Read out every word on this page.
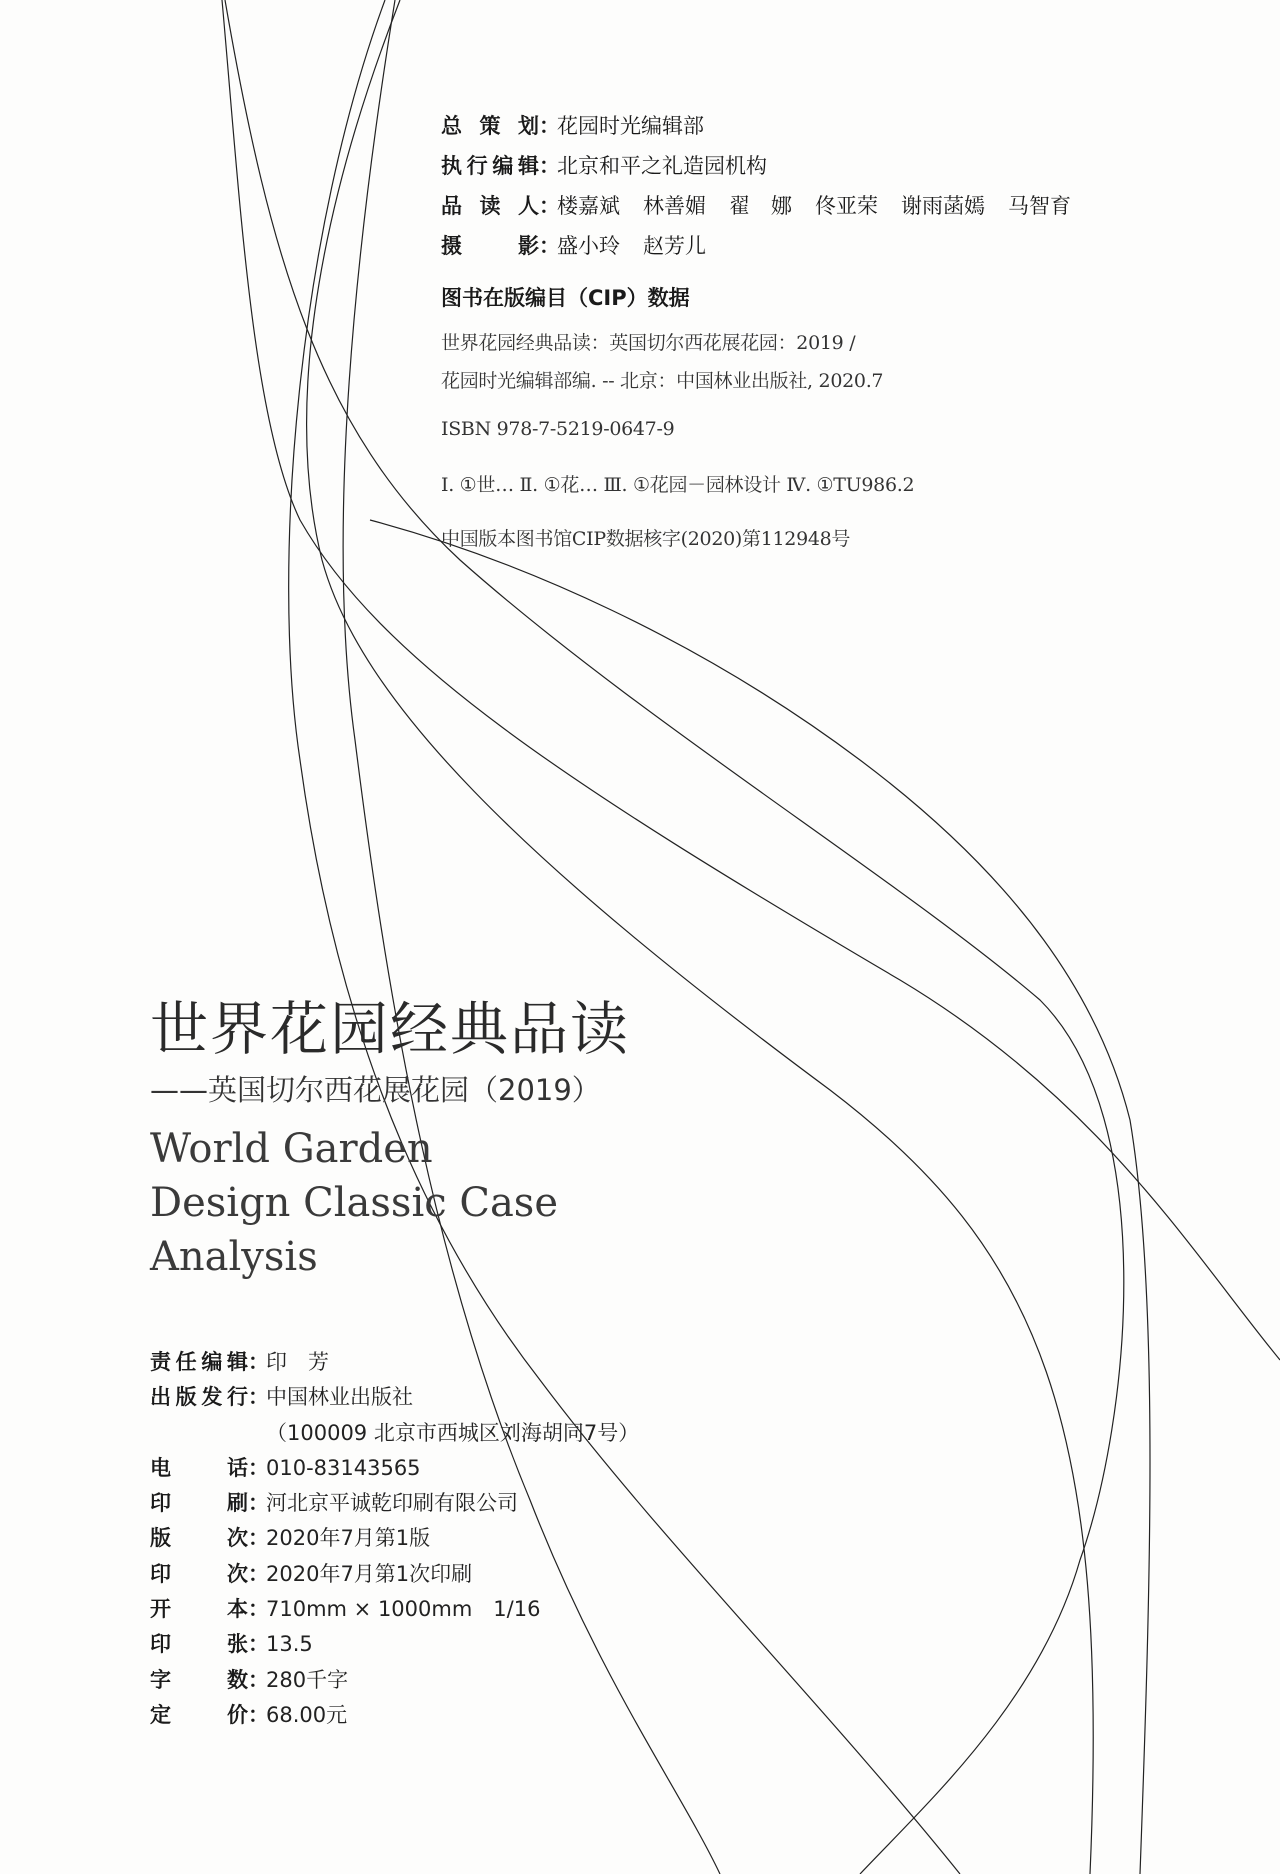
总 策 划 ：
花园时光编辑部
执 行 编 辑 ：
北京和平之礼造园机构
品 读 人 ：
楼嘉斌 林善媚 翟　娜 佟亚荣 谢雨菡嫣 马智育
摄	影 ：
盛小玲 赵芳儿
图书在版编目（CIP）数据
世界花园经典品读：英国切尔西花展花园：2019 /
花园时光编辑部编. -- 北京：中国林业出版社, 2020.7
ISBN 978-7-5219-0647-9
Ⅰ. ①世… Ⅱ. ①花… Ⅲ. ①花园－园林设计 Ⅳ. ①TU986.2
中国版本图书馆CIP数据核字(2020)第112948号
世界花园经典品读
——英国切尔西花展花园（2019）
World Garden
Design Classic Case
Analysis
责 任 编 辑 ：
印　芳
出 版 发 行 ：
中国林业出版社
（100009 北京市西城区刘海胡同7号）
电	话 ：
010-83143565
印	刷 ：
河北京平诚乾印刷有限公司
版	次 ：
2020年7月第1版
印	次 ：
2020年7月第1次印刷
开	本 ：
710mm × 1000mm　1/16
印	张 ：
13.5
字	数 ：
280千字
定	价 ：
68.00元
